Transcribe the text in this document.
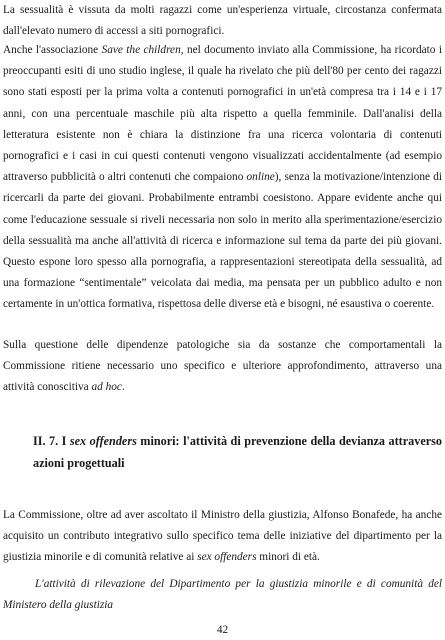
La sessualità è vissuta da molti ragazzi come un'esperienza virtuale, circostanza confermata dall'elevato numero di accessi a siti pornografici.

Anche l'associazione Save the children, nel documento inviato alla Commissione, ha ricordato i preoccupanti esiti di uno studio inglese, il quale ha rivelato che più dell'80 per cento dei ragazzi sono stati esposti per la prima volta a contenuti pornografici in un'età compresa tra i 14 e i 17 anni, con una percentuale maschile più alta rispetto a quella femminile. Dall'analisi della letteratura esistente non è chiara la distinzione fra una ricerca volontaria di contenuti pornografici e i casi in cui questi contenuti vengono visualizzati accidentalmente (ad esempio attraverso pubblicità o altri contenuti che compaiono online), senza la motivazione/intenzione di ricercarli da parte dei giovani. Probabilmente entrambi coesistono. Appare evidente anche qui come l'educazione sessuale si riveli necessaria non solo in merito alla sperimentazione/esercizio della sessualità ma anche all'attività di ricerca e informazione sul tema da parte dei più giovani. Questo espone loro spesso alla pornografia, a rappresentazioni stereotipata della sessualità, ad una formazione “sentimentale” veicolata dai media, ma pensata per un pubblico adulto e non certamente in un'ottica formativa, rispettosa delle diverse età e bisogni, né esaustiva o coerente.

Sulla questione delle dipendenze patologiche sia da sostanze che comportamentali la Commissione ritiene necessario uno specifico e ulteriore approfondimento, attraverso una attività conoscitiva ad hoc.

II. 7. I sex offenders minori: l'attività di prevenzione della devianza attraverso azioni progettuali

La Commissione, oltre ad aver ascoltato il Ministro della giustizia, Alfonso Bonafede, ha anche acquisito un contributo integrativo sullo specifico tema delle iniziative del dipartimento per la giustizia minorile e di comunità relative ai sex offenders minori di età.

L'attività di rilevazione del Dipartimento per la giustizia minorile e di comunità del Ministero della giustizia

42
